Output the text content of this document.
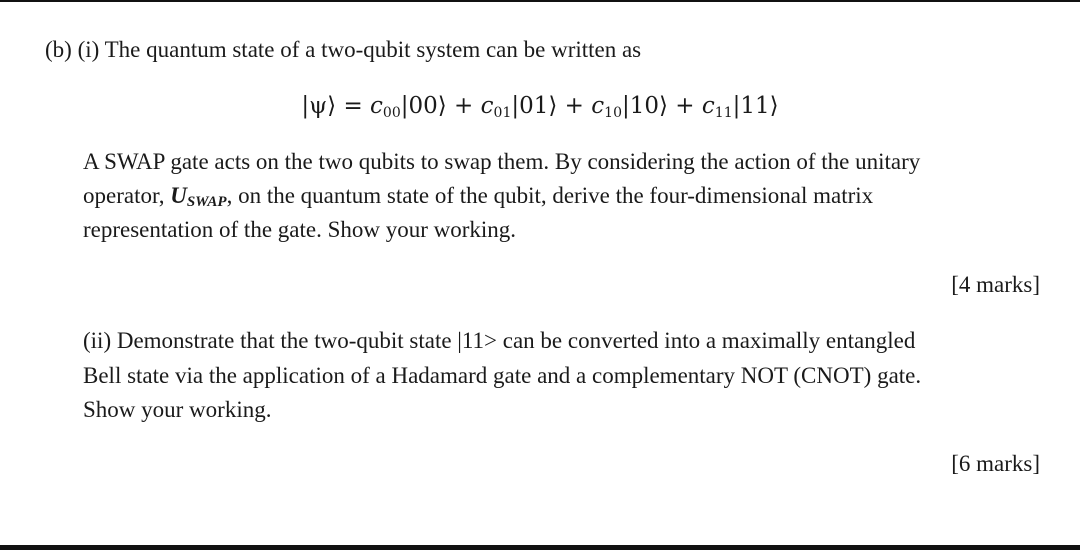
(b) (i) The quantum state of a two-qubit system can be written as
|ψ⟩ = $c_{00}|00⟩$ + $c_{01}|01⟩$ + $c_{10}|10⟩$ + $c_{11}|11⟩$
A SWAP gate acts on the two qubits to swap them. By considering the action of the unitary
operator, $U_{SWAP}$, on the quantum state of the qubit, derive the four-dimensional matrix
representation of the gate. Show your working.
[4 marks]
(ii) Demonstrate that the two-qubit state |11> can be converted into a maximally entangled
Bell state via the application of a Hadamard gate and a complementary NOT (CNOT) gate.
Show your working.
[6 marks]
